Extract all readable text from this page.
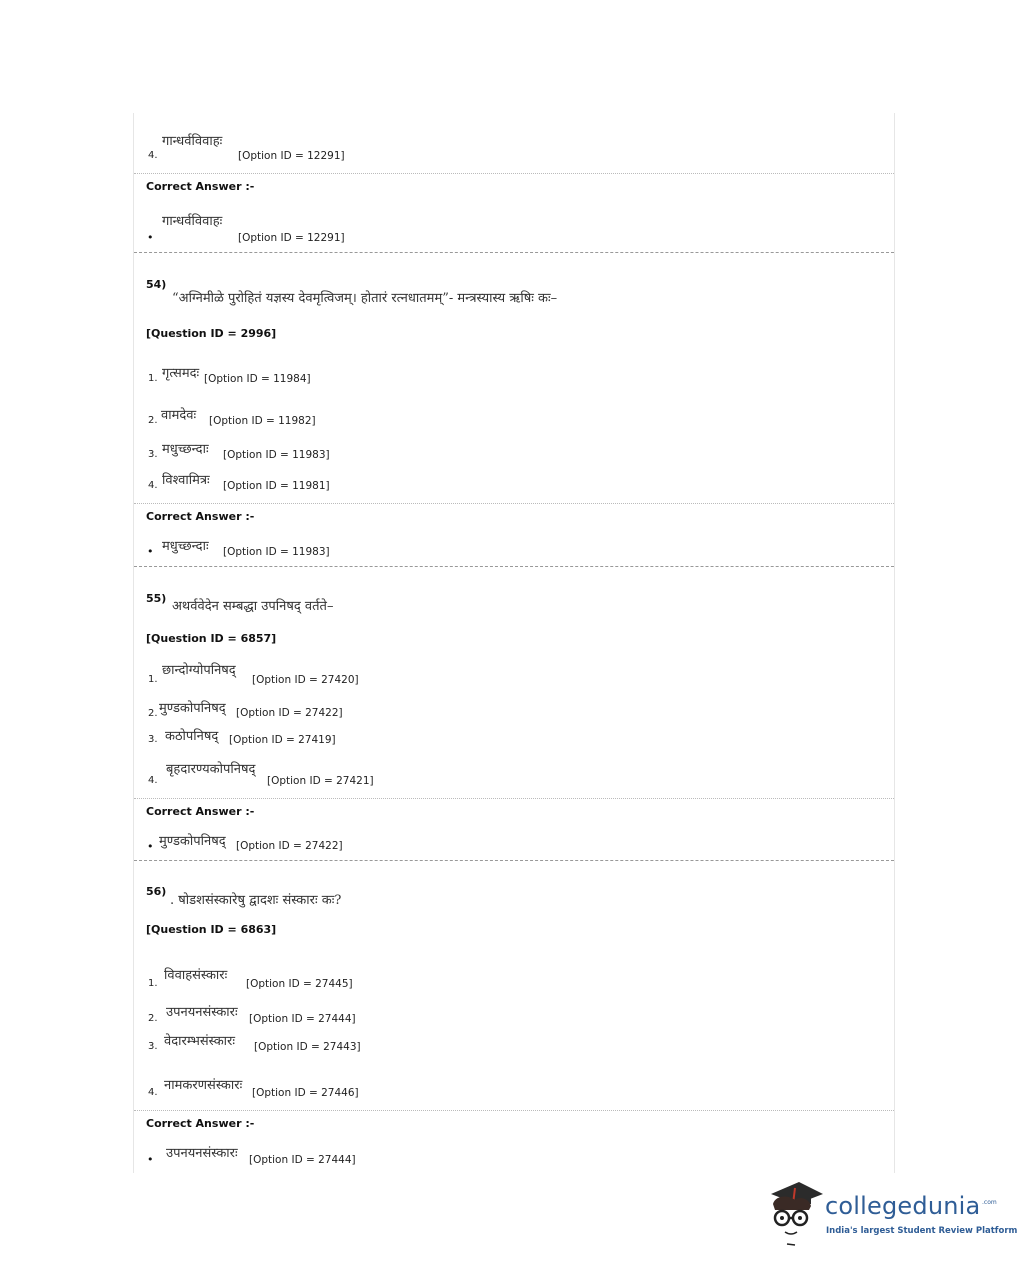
गान्धर्वविवाहः
4.	[Option ID = 12291]
Correct Answer :-
गान्धर्वविवाहः
•	[Option ID = 12291]
54)
“अग्निमीळे पुरोहितं यज्ञस्य देवमृत्विजम्। होतारं रत्नधातमम्”- मन्त्रस्यास्य ऋषिः कः–
[Question ID = 2996]
1. गृत्समदः [Option ID = 11984]
2. वामदेवः [Option ID = 11982]
3. मधुच्छन्दाः [Option ID = 11983]
4. विश्वामित्रः [Option ID = 11981]
Correct Answer :-
मधुच्छन्दाः
•	[Option ID = 11983]
55)
अथर्ववेदेन सम्बद्धा उपनिषद् वर्तते–
[Question ID = 6857]
1.
छान्दोग्योपनिषद्
[Option ID = 27420]
2. मुण्डकोपनिषद् [Option ID = 27422]
3. कठोपनिषद् [Option ID = 27419]
4.
बृहदारण्यकोपनिषद्
[Option ID = 27421]
Correct Answer :-
मुण्डकोपनिषद्
•	[Option ID = 27422]
56)
. षोडशसंस्कारेषु द्वादशः संस्कारः कः?
[Question ID = 6863]
1.
विवाहसंस्कारः
[Option ID = 27445]
2. उपनयनसंस्कारः [Option ID = 27444]
3. वेदारम्भसंस्कारः [Option ID = 27443]
4. नामकरणसंस्कारः [Option ID = 27446]
Correct Answer :-
उपनयनसंस्कारः
•	[Option ID = 27444]
collegedunia .com
India's largest Student Review Platform
